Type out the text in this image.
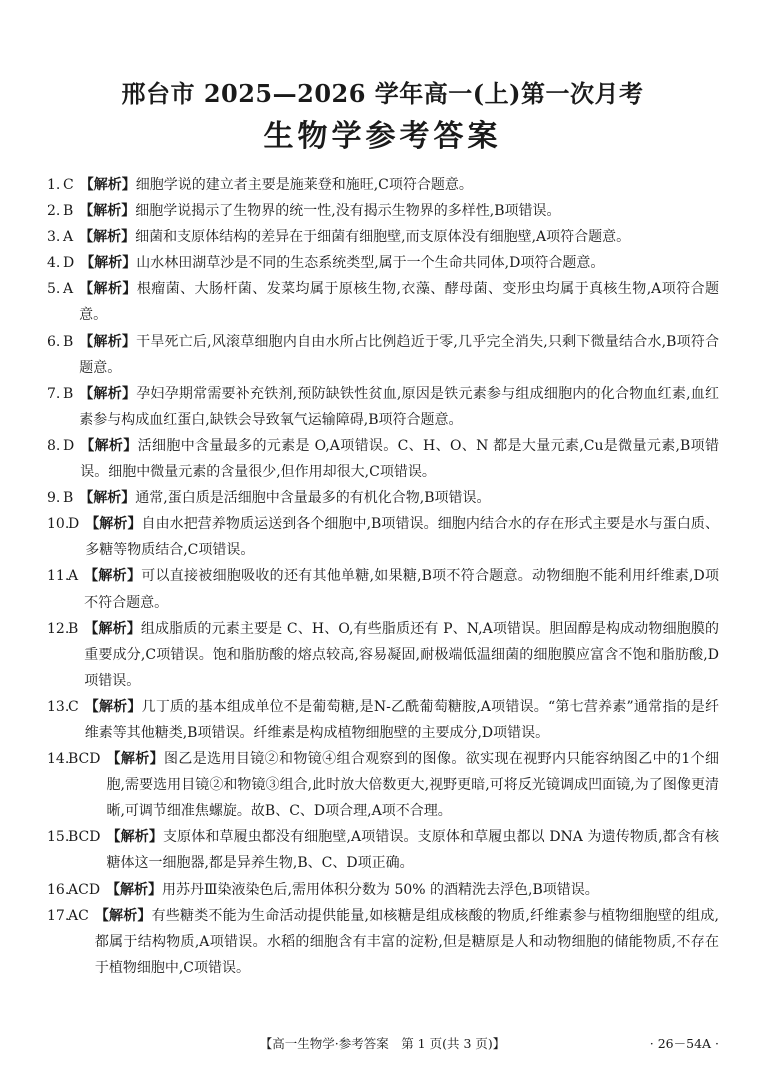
邢台市 2025—2026 学年高一(上)第一次月考
生物学参考答案
1. C 【解析】细胞学说的建立者主要是施莱登和施旺,C项符合题意。
2. B 【解析】细胞学说揭示了生物界的统一性,没有揭示生物界的多样性,B项错误。
3. A 【解析】细菌和支原体结构的差异在于细菌有细胞壁,而支原体没有细胞壁,A项符合题意。
4. D 【解析】山水林田湖草沙是不同的生态系统类型,属于一个生命共同体,D项符合题意。
5. A 【解析】根瘤菌、大肠杆菌、发菜均属于原核生物,衣藻、酵母菌、变形虫均属于真核生物,A项符合题意。
6. B 【解析】干旱死亡后,风滚草细胞内自由水所占比例趋近于零,几乎完全消失,只剩下微量结合水,B项符合题意。
7. B 【解析】孕妇孕期常需要补充铁剂,预防缺铁性贫血,原因是铁元素参与组成细胞内的化合物血红素,血红素参与构成血红蛋白,缺铁会导致氧气运输障碍,B项符合题意。
8. D 【解析】活细胞中含量最多的元素是 O,A项错误。C、H、O、N 都是大量元素,Cu是微量元素,B项错误。细胞中微量元素的含量很少,但作用却很大,C项错误。
9. B 【解析】通常,蛋白质是活细胞中含量最多的有机化合物,B项错误。
10.
D 【解析】自由水把营养物质运送到各个细胞中,B项错误。细胞内结合水的存在形式主要是水与蛋白质、多糖等物质结合,C项错误。
11.
A 【解析】可以直接被细胞吸收的还有其他单糖,如果糖,B项不符合题意。动物细胞不能利用纤维素,D项不符合题意。
12.
B 【解析】组成脂质的元素主要是 C、H、O,有些脂质还有 P、N,A项错误。胆固醇是构成动物细胞膜的重要成分,C项错误。饱和脂肪酸的熔点较高,容易凝固,耐极端低温细菌的细胞膜应富含不饱和脂肪酸,D项错误。
13.
C 【解析】几丁质的基本组成单位不是葡萄糖,是N-乙酰葡萄糖胺,A项错误。“第七营养素”通常指的是纤维素等其他糖类,B项错误。纤维素是构成植物细胞壁的主要成分,D项错误。
14.
BCD 【解析】图乙是选用目镜②和物镜④组合观察到的图像。欲实现在视野内只能容纳图乙中的1个细胞,需要选用目镜②和物镜③组合,此时放大倍数更大,视野更暗,可将反光镜调成凹面镜,为了图像更清晰,可调节细准焦螺旋。故B、C、D项合理,A项不合理。
15.
BCD 【解析】支原体和草履虫都没有细胞壁,A项错误。支原体和草履虫都以 DNA 为遗传物质,都含有核糖体这一细胞器,都是异养生物,B、C、D项正确。
16.
ACD 【解析】用苏丹Ⅲ染液染色后,需用体积分数为 50% 的酒精洗去浮色,B项错误。
17.
AC 【解析】有些糖类不能为生命活动提供能量,如核糖是组成核酸的物质,纤维素参与植物细胞壁的组成,都属于结构物质,A项错误。水稻的细胞含有丰富的淀粉,但是糖原是人和动物细胞的储能物质,不存在于植物细胞中,C项错误。
【高一生物学·参考答案　第 1 页(共 3 页)】	· 26－54A ·
